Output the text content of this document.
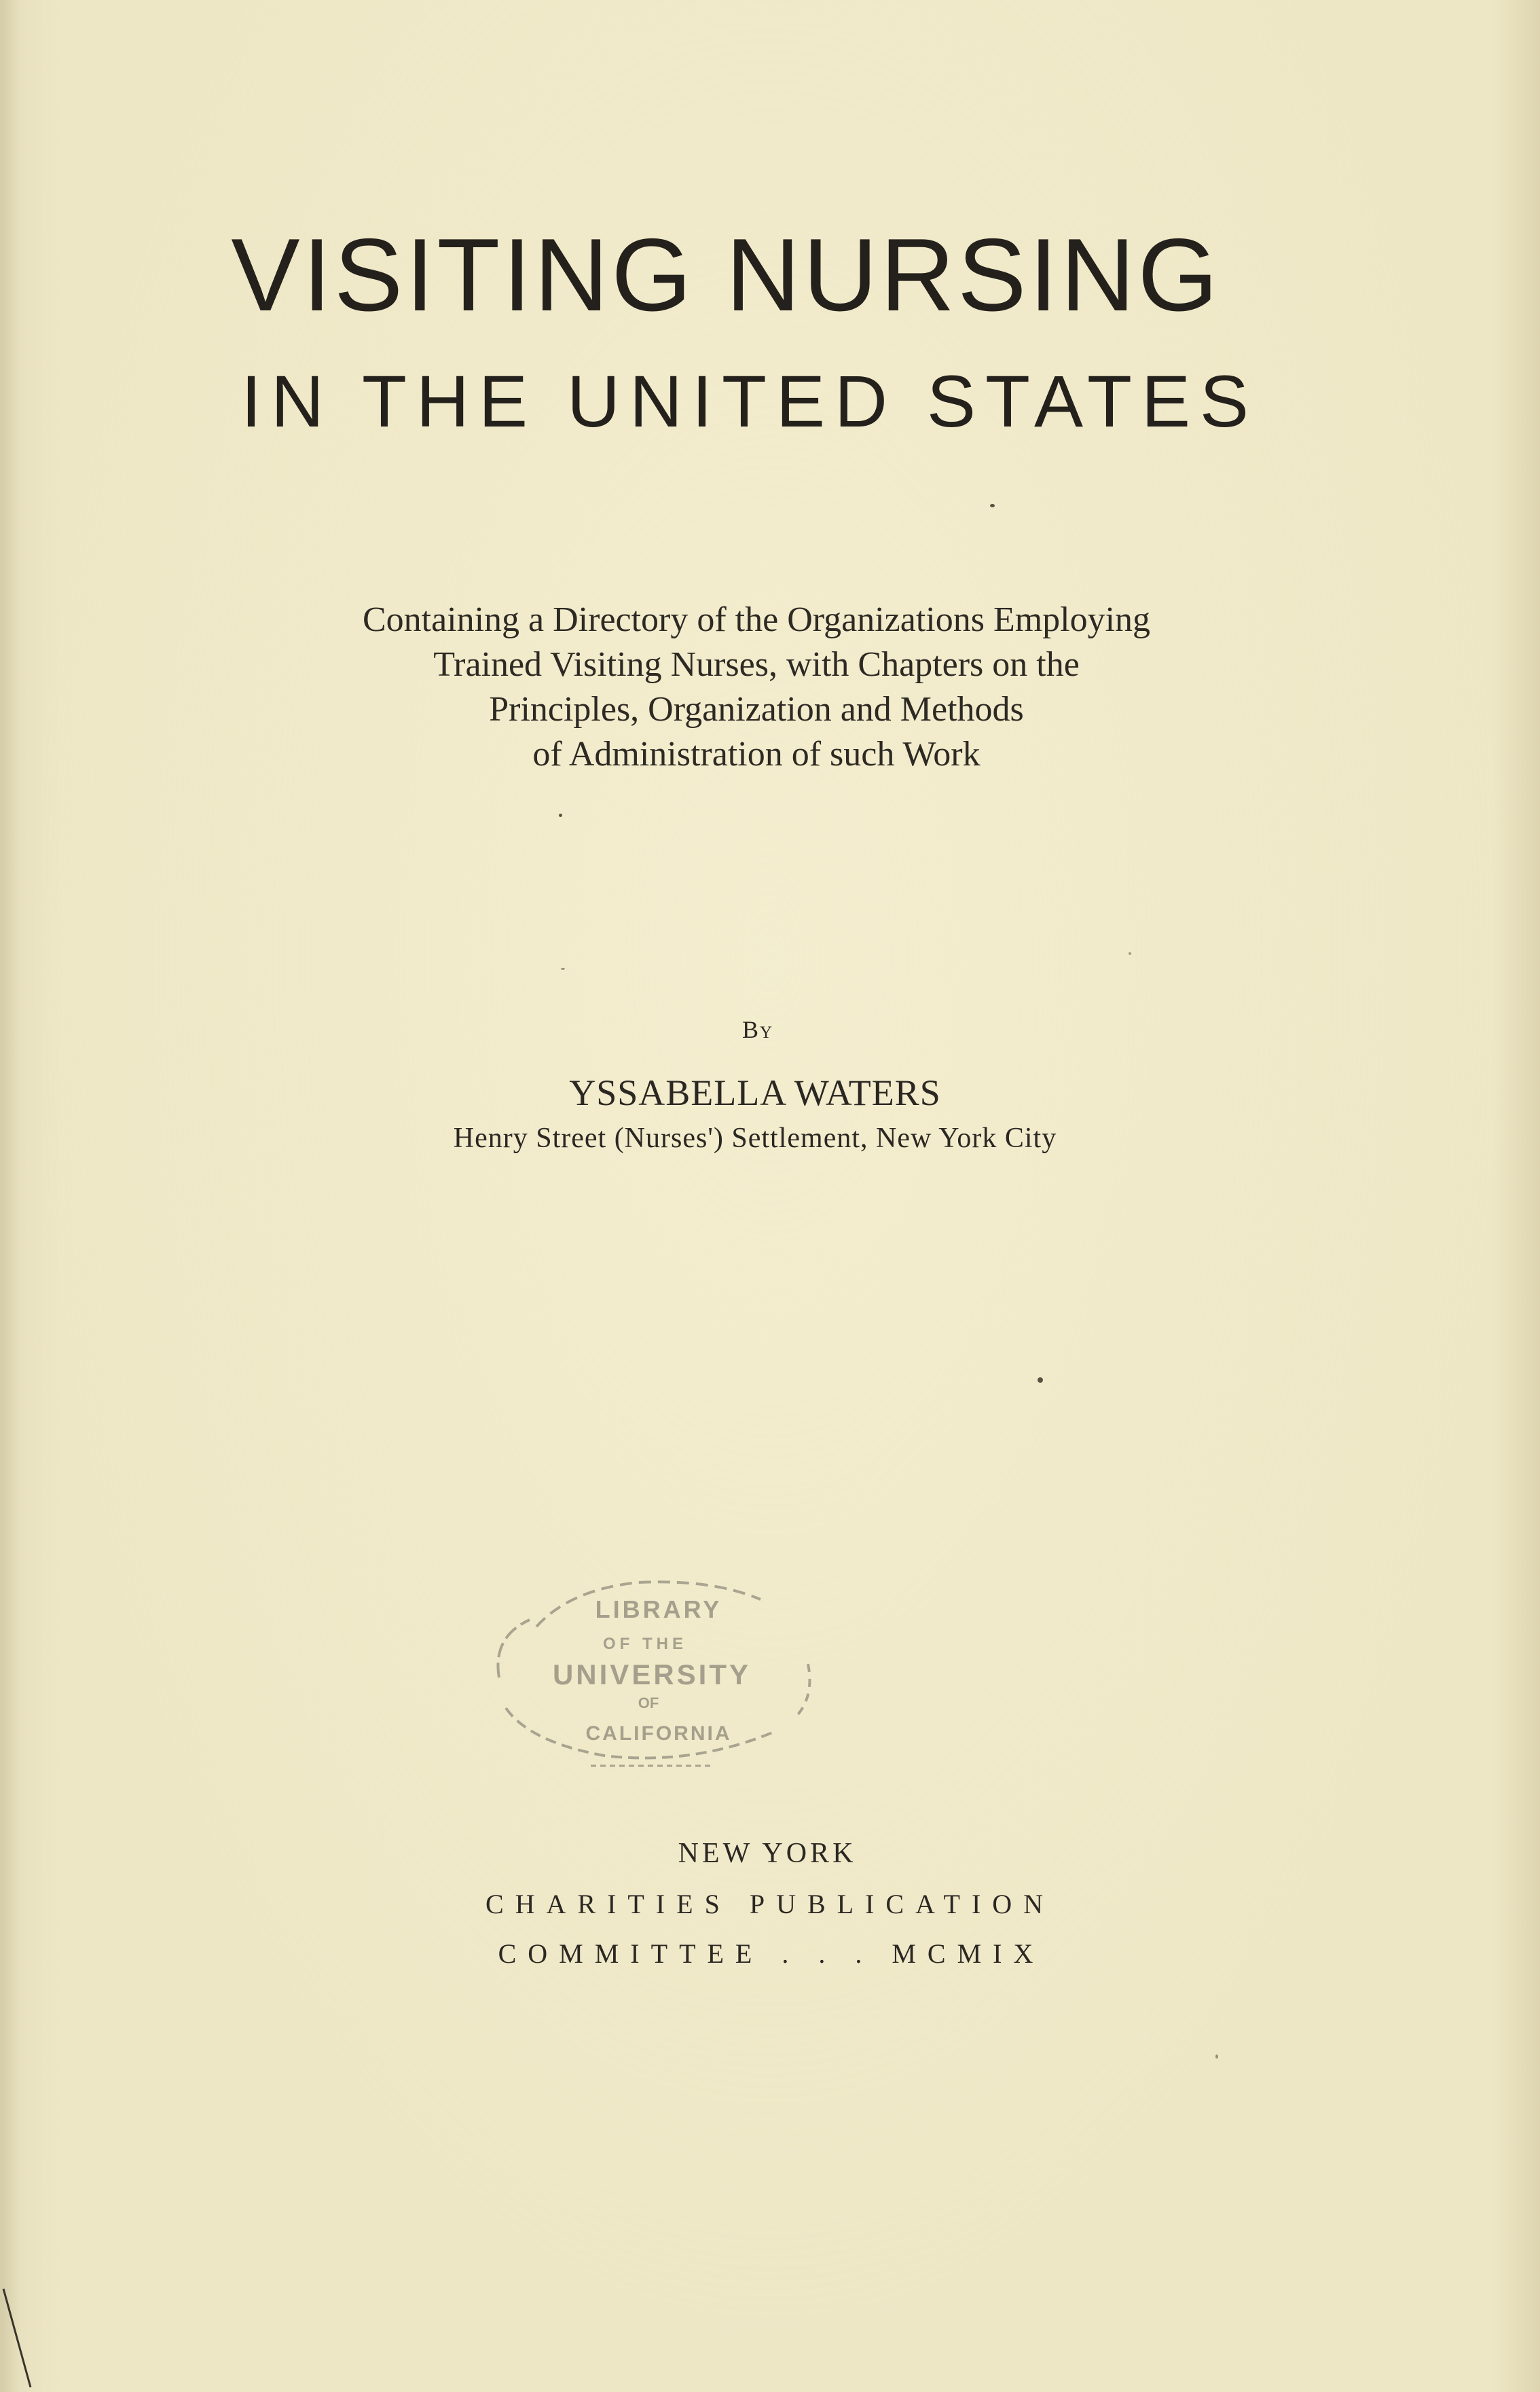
VISITING NURSING
IN THE UNITED STATES
Containing a Directory of the Organizations Employing
Trained Visiting Nurses, with Chapters on the
Principles, Organization and Methods
of Administration of such Work
By
YSSABELLA WATERS
Henry Street (Nurses') Settlement, New York City
LIBRARY
OF THE
UNIVERSITY
OF
CALIFORNIA
NEW YORK
CHARITIES PUBLICATION
COMMITTEE . . . MCMIX
